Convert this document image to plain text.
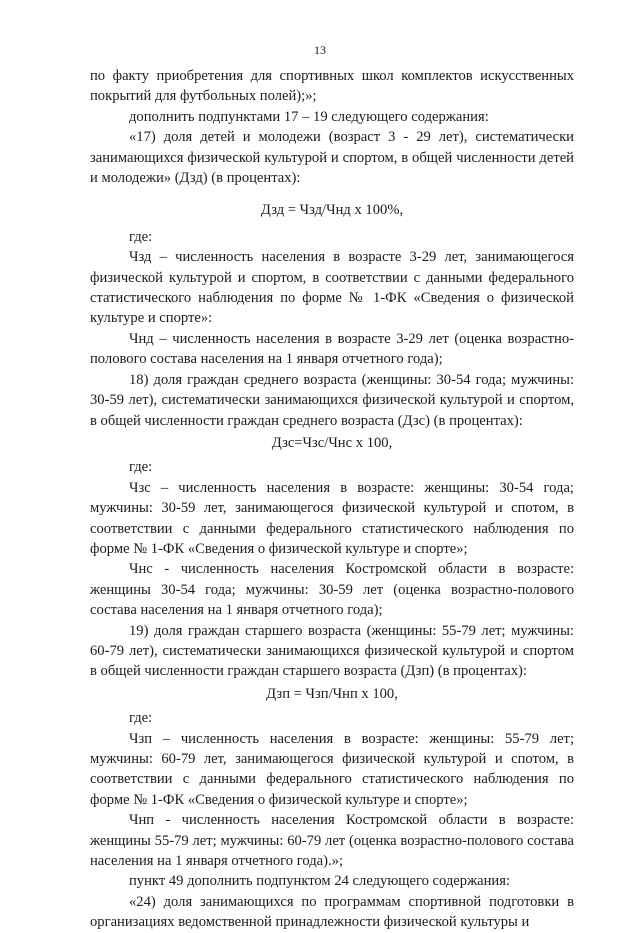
13

по факту приобретения для спортивных школ комплектов искусственных покрытий для футбольных полей);»;

дополнить подпунктами 17 – 19 следующего содержания:

«17) доля детей и молодежи (возраст 3 - 29 лет), систематически занимающихся физической культурой и спортом, в общей численности детей и молодежи» (Дзд) (в процентах):

Дзд = Чзд/Чнд х 100%,

где:

Чзд – численность населения в возрасте 3-29 лет, занимающегося физической культурой и спортом, в соответствии с данными федерального статистического наблюдения по форме № 1-ФК «Сведения о физической культуре и спорте»:

Чнд – численность населения в возрасте 3-29 лет (оценка возрастно-полового состава населения на 1 января отчетного года);

18) доля граждан среднего возраста (женщины: 30-54 года; мужчины: 30-59 лет), систематически занимающихся физической культурой и спортом, в общей численности граждан среднего возраста (Дзс) (в процентах):

Дзс=Чзс/Чнс х 100,

где:

Чзс – численность населения в возрасте: женщины: 30-54 года; мужчины: 30-59 лет, занимающегося физической культурой и спотом, в соответствии с данными федерального статистического наблюдения по форме № 1-ФК «Сведения о физической культуре и спорте»;

Чнс - численность населения Костромской области в возрасте: женщины 30-54 года; мужчины: 30-59 лет (оценка возрастно-полового состава населения на 1 января отчетного года);

19) доля граждан старшего возраста (женщины: 55-79 лет; мужчины: 60-79 лет), систематически занимающихся физической культурой и спортом в общей численности граждан старшего возраста (Дзп) (в процентах):

Дзп = Чзп/Чнп х 100,

где:

Чзп – численность населения в возрасте: женщины: 55-79 лет; мужчины: 60-79 лет, занимающегося физической культурой и спотом, в соответствии с данными федерального статистического наблюдения по форме № 1-ФК «Сведения о физической культуре и спорте»;

Чнп - численность населения Костромской области в возрасте: женщины 55-79 лет; мужчины: 60-79 лет (оценка возрастно-полового состава населения на 1 января отчетного года).»;

пункт 49 дополнить подпунктом 24 следующего содержания:

«24) доля занимающихся по программам спортивной подготовки в организациях ведомственной принадлежности физической культуры и
